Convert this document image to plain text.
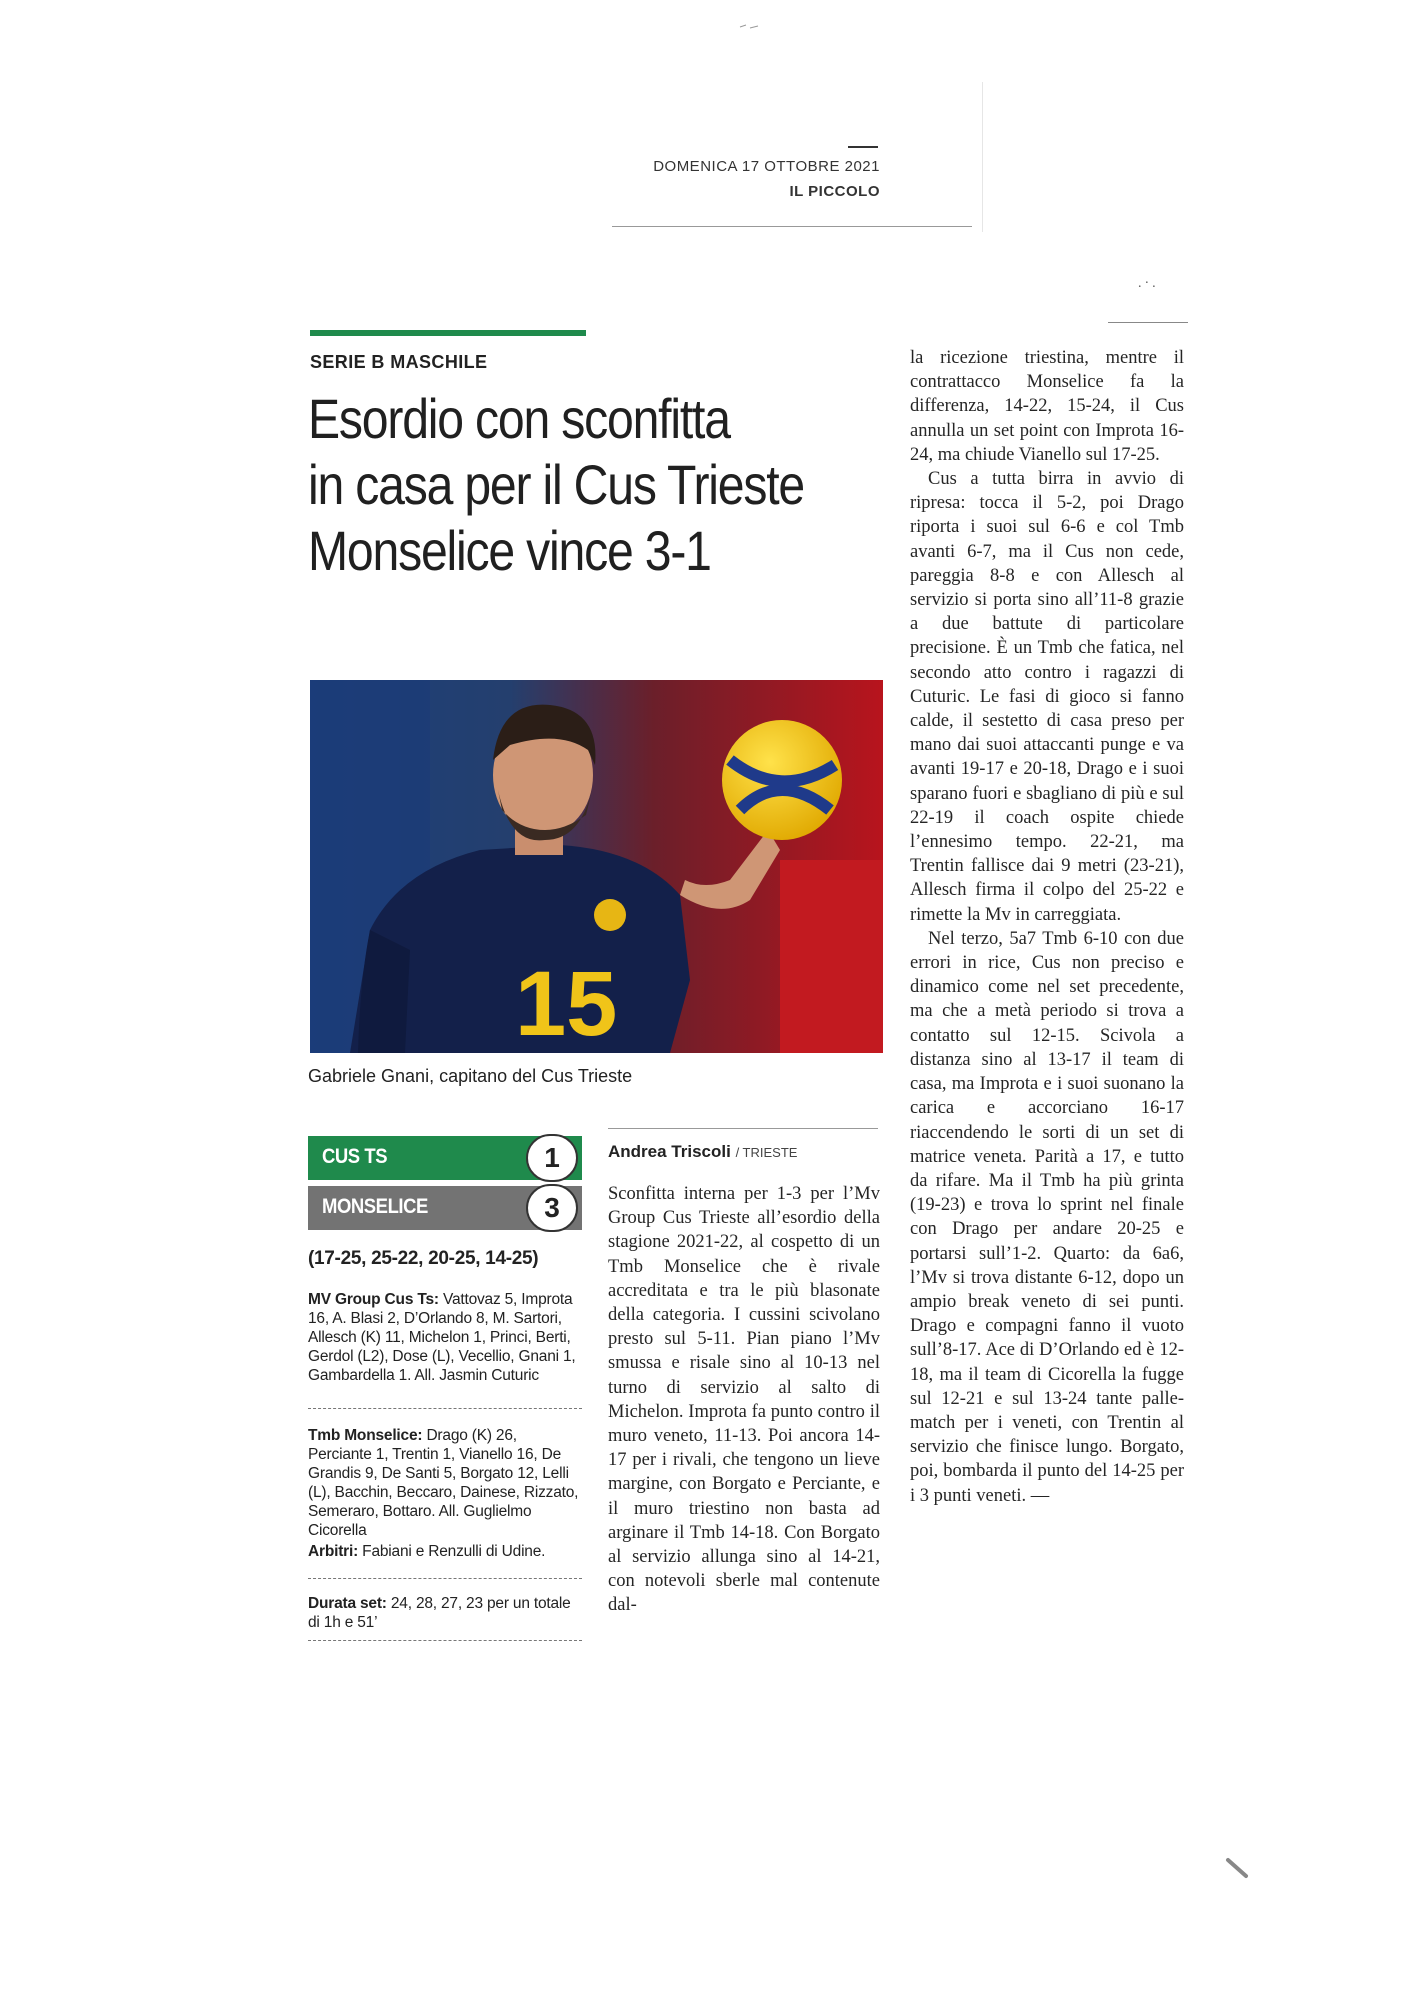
DOMENICA 17 OTTOBRE 2021
IL PICCOLO
.·.
SERIE B MASCHILE
Esordio con sconfitta
in casa per il Cus Trieste
Monselice vince 3-1
15
Gabriele Gnani, capitano del Cus Trieste
CUS TS	1
MONSELICE	3
(17-25, 25-22, 20-25, 14-25)
MV Group Cus Ts: Vattovaz 5, Improta 16, A. Blasi 2, D’Orlando 8, M. Sartori, Allesch (K) 11, Michelon 1, Princi, Berti, Gerdol (L2), Dose (L), Vecellio, Gnani 1, Gambardella 1. All. Jasmin Cuturic
Tmb Monselice: Drago (K) 26, Perciante 1, Trentin 1, Vianello 16, De Grandis 9, De Santi 5, Borgato 12, Lelli (L), Bacchin, Beccaro, Dainese, Rizzato, Semeraro, Bottaro. All. Guglielmo Cicorella
Arbitri: Fabiani e Renzulli di Udine.
Durata set: 24, 28, 27, 23 per un totale di 1h e 51’
Andrea Triscoli / TRIESTE

Sconfitta interna per 1-3 per l’Mv Group Cus Trieste all’esordio della stagione 2021-22, al cospetto di un Tmb Monselice che è rivale accreditata e tra le più blasonate della categoria. I cussini scivolano presto sul 5-11. Pian piano l’Mv smussa e risale sino al 10-13 nel turno di servizio al salto di Michelon. Improta fa punto contro il muro veneto, 11-13. Poi ancora 14-17 per i rivali, che tengono un lieve margine, con Borgato e Perciante, e il muro triestino non basta ad arginare il Tmb 14-18. Con Borgato al servizio allunga sino al 14-21, con notevoli sberle mal contenute dal-

la ricezione triestina, mentre il contrattacco Monselice fa la differenza, 14-22, 15-24, il Cus annulla un set point con Improta 16-24, ma chiude Vianello sul 17-25.

Cus a tutta birra in avvio di ripresa: tocca il 5-2, poi Drago riporta i suoi sul 6-6 e col Tmb avanti 6-7, ma il Cus non cede, pareggia 8-8 e con Allesch al servizio si porta sino all’11-8 grazie a due battute di particolare precisione. È un Tmb che fatica, nel secondo atto contro i ragazzi di Cuturic. Le fasi di gioco si fanno calde, il sestetto di casa preso per mano dai suoi attaccanti punge e va avanti 19-17 e 20-18, Drago e i suoi sparano fuori e sbagliano di più e sul 22-19 il coach ospite chiede l’ennesimo tempo. 22-21, ma Trentin fallisce dai 9 metri (23-21), Allesch firma il colpo del 25-22 e rimette la Mv in carreggiata.

Nel terzo, 5a7 Tmb 6-10 con due errori in rice, Cus non preciso e dinamico come nel set precedente, ma che a metà periodo si trova a contatto sul 12-15. Scivola a distanza sino al 13-17 il team di casa, ma Improta e i suoi suonano la carica e accorciano 16-17 riaccendendo le sorti di un set di matrice veneta. Parità a 17, e tutto da rifare. Ma il Tmb ha più grinta (19-23) e trova lo sprint nel finale con Drago per andare 20-25 e portarsi sull’1-2. Quarto: da 6a6, l’Mv si trova distante 6-12, dopo un ampio break veneto di sei punti. Drago e compagni fanno il vuoto sull’8-17. Ace di D’Orlando ed è 12-18, ma il team di Cicorella la fugge sul 12-21 e sul 13-24 tante palle-match per i veneti, con Trentin al servizio che finisce lungo. Borgato, poi, bombarda il punto del 14-25 per i 3 punti veneti. —
